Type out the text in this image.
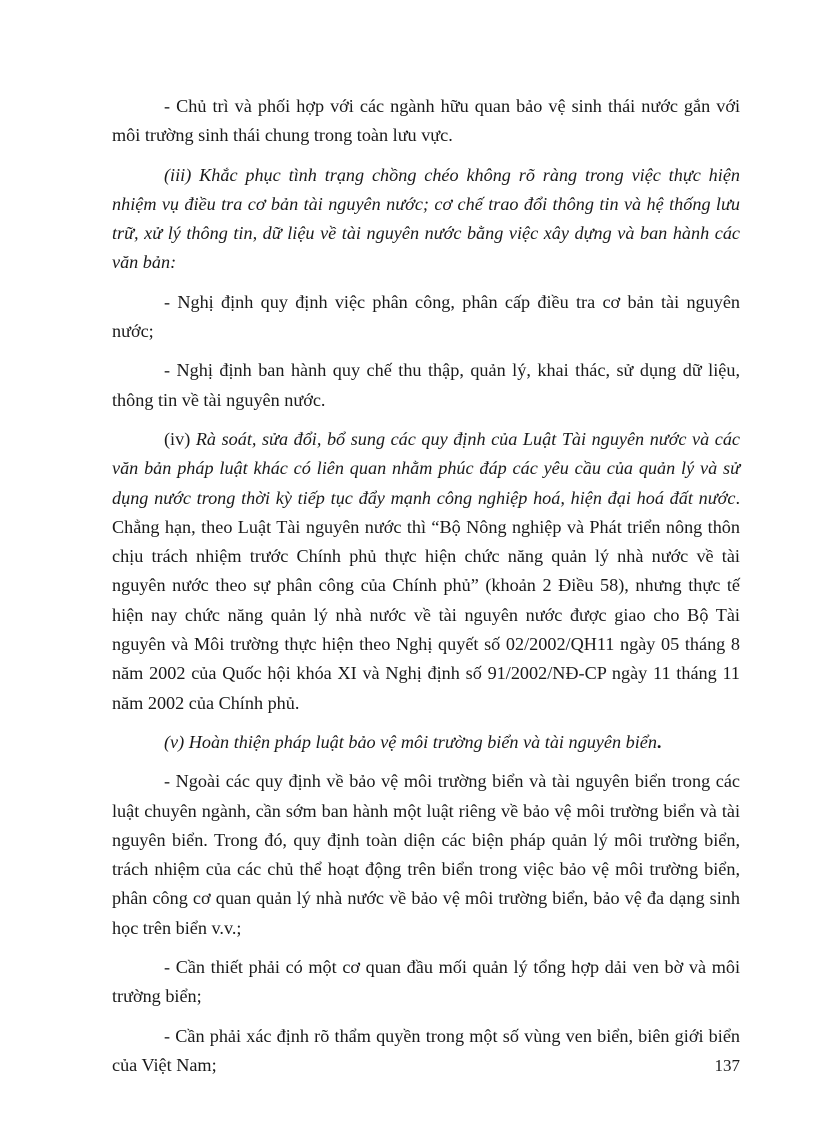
- Chủ trì và phối hợp với các ngành hữu quan bảo vệ sinh thái nước gắn với môi trường sinh thái chung trong toàn lưu vực.

(iii) Khắc phục tình trạng chồng chéo không rõ ràng trong việc thực hiện nhiệm vụ điều tra cơ bản tài nguyên nước; cơ chế trao đổi thông tin và hệ thống lưu trữ, xử lý thông tin, dữ liệu về tài nguyên nước bằng việc xây dựng và ban hành các văn bản:

- Nghị định quy định việc phân công, phân cấp điều tra cơ bản tài nguyên nước;

- Nghị định ban hành quy chế thu thập, quản lý, khai thác, sử dụng dữ liệu, thông tin về tài nguyên nước.

(iv) Rà soát, sửa đổi, bổ sung các quy định của Luật Tài nguyên nước và các văn bản pháp luật khác có liên quan nhằm phúc đáp các yêu cầu của quản lý và sử dụng nước trong thời kỳ tiếp tục đẩy mạnh công nghiệp hoá, hiện đại hoá đất nước. Chẳng hạn, theo Luật Tài nguyên nước thì “Bộ Nông nghiệp và Phát triển nông thôn chịu trách nhiệm trước Chính phủ thực hiện chức năng quản lý nhà nước về tài nguyên nước theo sự phân công của Chính phủ” (khoản 2 Điều 58), nhưng thực tế hiện nay chức năng quản lý nhà nước về tài nguyên nước được giao cho Bộ Tài nguyên và Môi trường thực hiện theo Nghị quyết số 02/2002/QH11 ngày 05 tháng 8 năm 2002 của Quốc hội khóa XI và Nghị định số 91/2002/NĐ-CP ngày 11 tháng 11 năm 2002 của Chính phủ.

(v) Hoàn thiện pháp luật bảo vệ môi trường biển và tài nguyên biển.

- Ngoài các quy định về bảo vệ môi trường biển và tài nguyên biển trong các luật chuyên ngành, cần sớm ban hành một luật riêng về bảo vệ môi trường biển và tài nguyên biển. Trong đó, quy định toàn diện các biện pháp quản lý môi trường biển, trách nhiệm của các chủ thể hoạt động trên biển trong việc bảo vệ môi trường biển, phân công cơ quan quản lý nhà nước về bảo vệ môi trường biển, bảo vệ đa dạng sinh học trên biển v.v.;

- Cần thiết phải có một cơ quan đầu mối quản lý tổng hợp dải ven bờ và môi trường biển;

- Cần phải xác định rõ thẩm quyền trong một số vùng ven biển, biên giới biển của Việt Nam;	137
